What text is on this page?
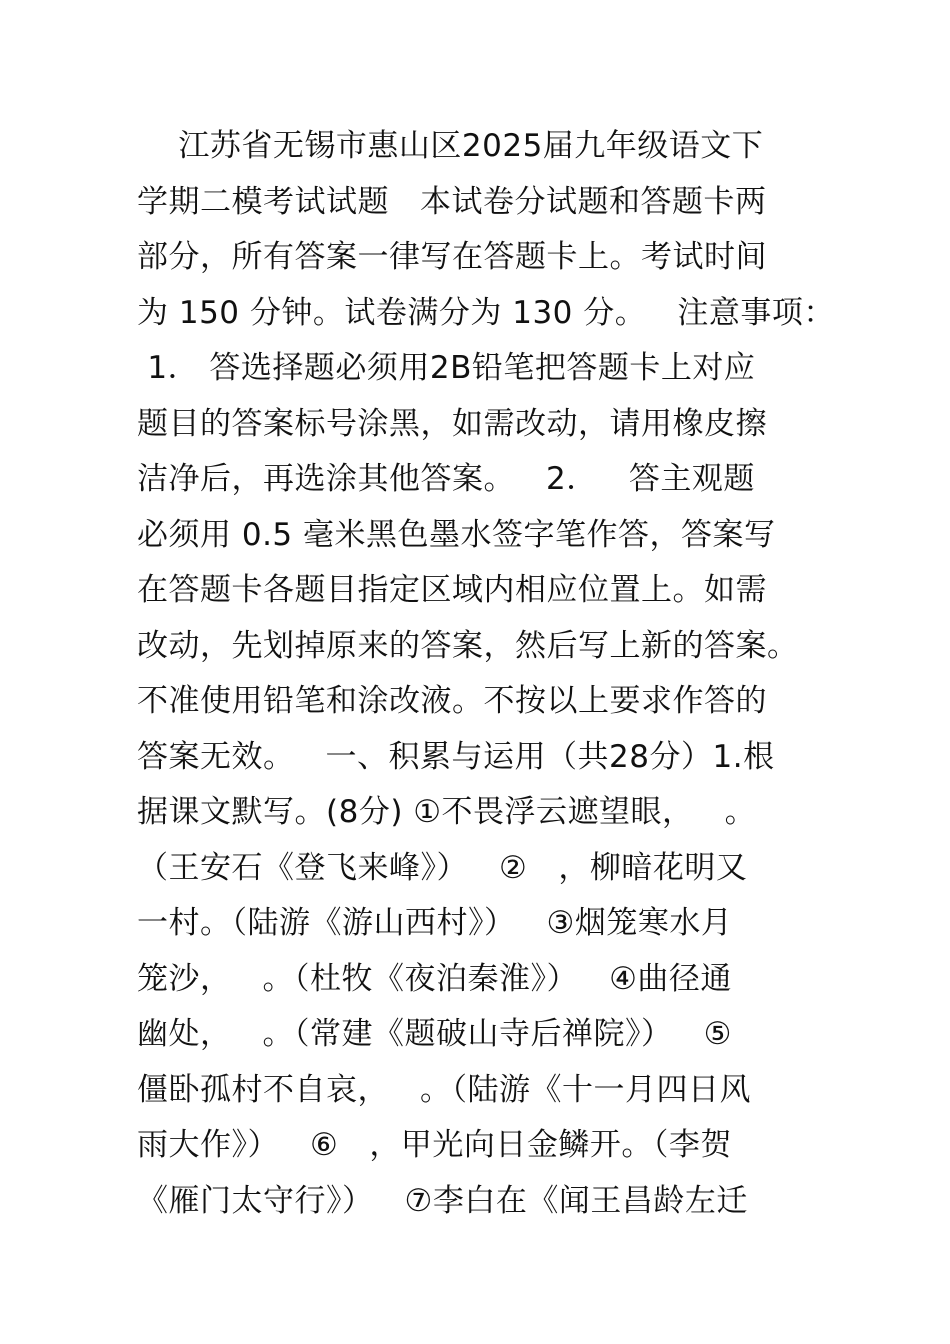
江苏省无锡市惠山区2025届九年级语文下
学期二模考试试题   本试卷分试题和答题卡两
部分，所有答案一律写在答题卡上。考试时间
为 150 分钟。试卷满分为 130 分。   注意事项：
1． 答选择题必须用2B铅笔把答题卡上对应
题目的答案标号涂黑，如需改动，请用橡皮擦
洁净后，再选涂其他答案。   2．   答主观题
必须用 0.5 毫米黑色墨水签字笔作答，答案写
在答题卡各题目指定区域内相应位置上。如需
改动，先划掉原来的答案，然后写上新的答案。
不准使用铅笔和涂改液。不按以上要求作答的
答案无效。   一、积累与运用（共28分）1.根
据课文默写。(8分) ①不畏浮云遮望眼，   。
（王安石《登飞来峰》）   ②   ，柳暗花明又
一村。（陆游《游山西村》）   ③烟笼寒水月
笼沙，   。（杜牧《夜泊秦淮》）   ④曲径通
幽处，   。（常建《题破山寺后禅院》）   ⑤
僵卧孤村不自哀，   。（陆游《十一月四日风
雨大作》）   ⑥   ，甲光向日金鳞开。（李贺
《雁门太守行》）   ⑦李白在《闻王昌龄左迁
